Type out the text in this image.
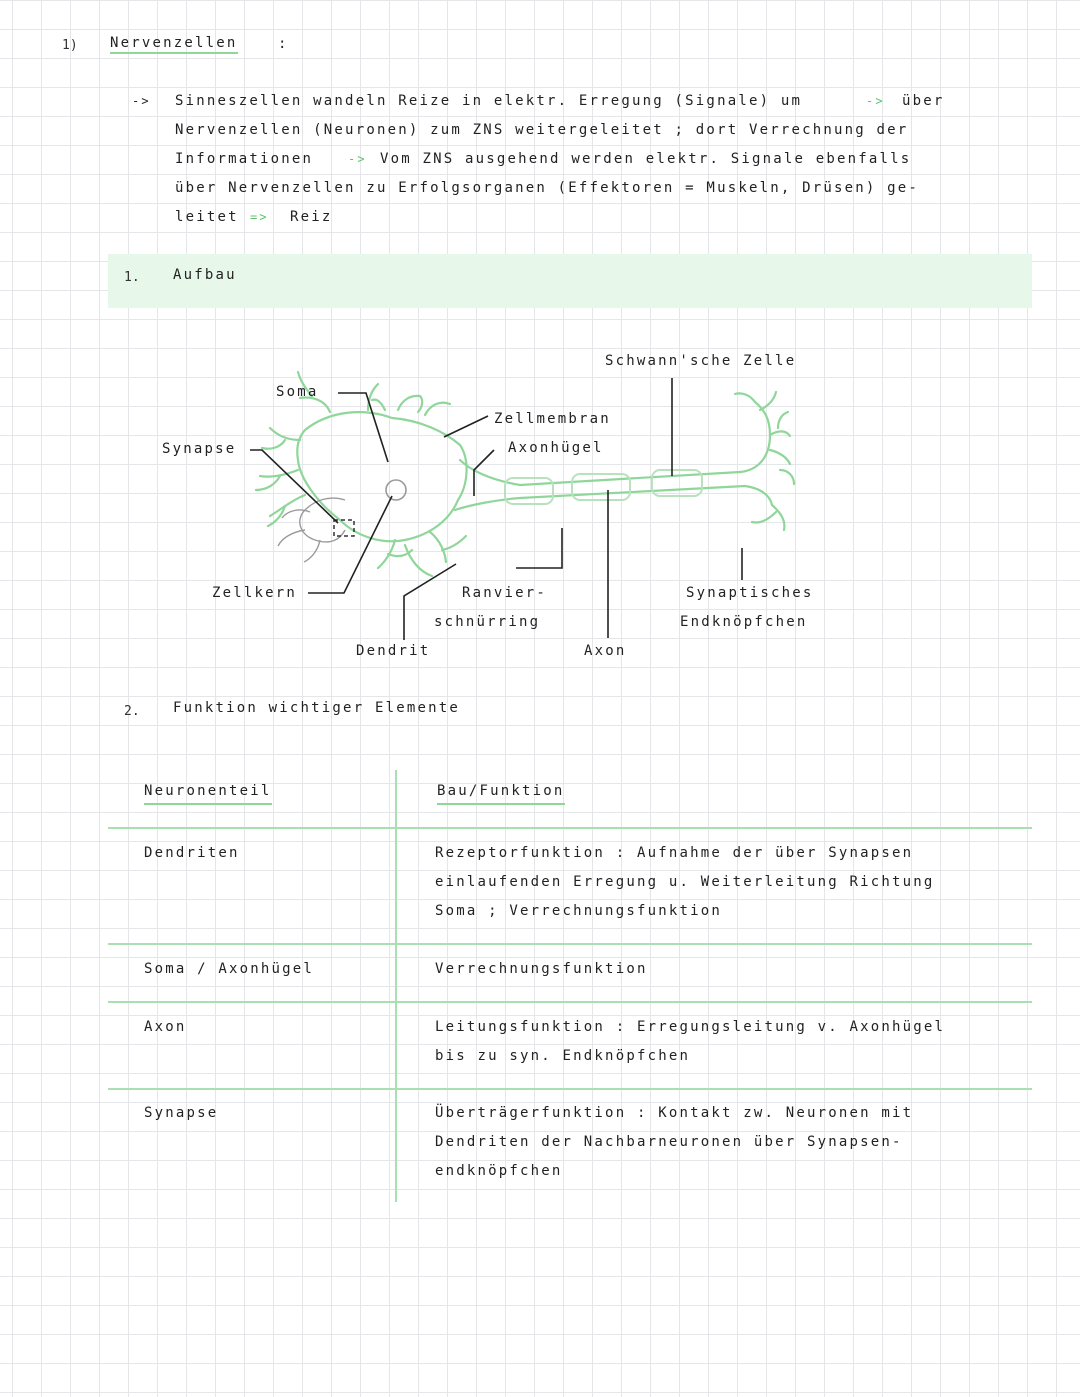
1) Nervenzellen	:
-> Sinneszellen wandeln Reize in elektr. Erregung (Signale) um	-> über
Nervenzellen (Neuronen) zum ZNS weitergeleitet ; dort Verrechnung der
Informationen	-> Vom ZNS ausgehend werden elektr. Signale ebenfalls
über Nervenzellen zu Erfolgsorganen (Effektoren = Muskeln, Drüsen) ge-
leitet => Reiz
1. Aufbau
Schwann'sche Zelle
Soma
Zellmembran
Axonhügel
Synapse
Zellkern	Ranvier-
schnürring
Synaptisches
Endknöpfchen
Dendrit	Axon
2. Funktion wichtiger Elemente
Neuronenteil	Bau/Funktion
Dendriten	Rezeptorfunktion : Aufnahme der über Synapsen
einlaufenden Erregung u. Weiterleitung Richtung
Soma ; Verrechnungsfunktion
Soma / Axonhügel	Verrechnungsfunktion
Axon	Leitungsfunktion : Erregungsleitung v. Axonhügel
bis zu syn. Endknöpfchen
Synapse	Überträgerfunktion : Kontakt zw. Neuronen mit
Dendriten der Nachbarneuronen über Synapsen-
endknöpfchen
